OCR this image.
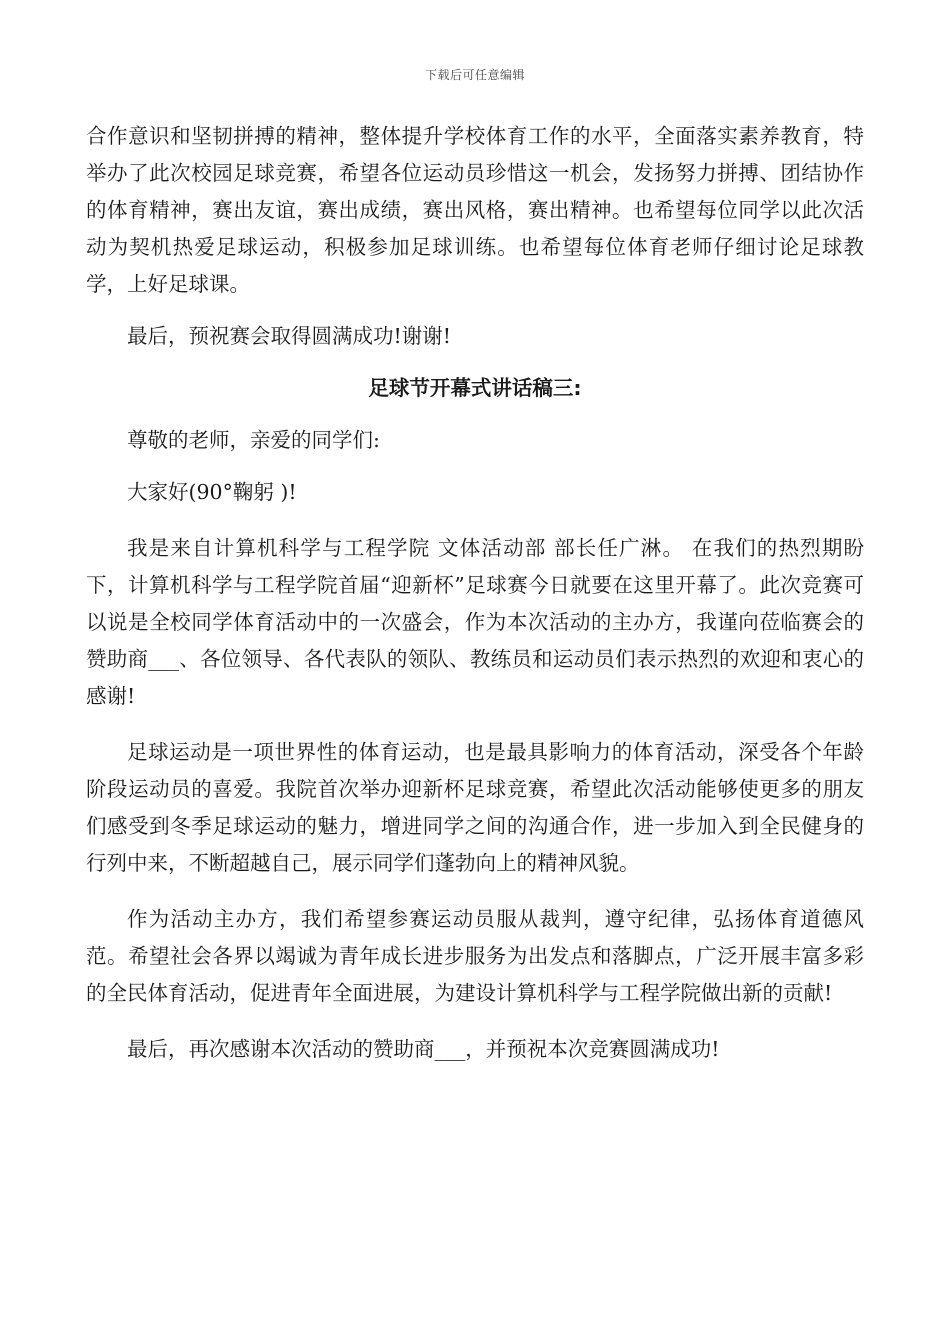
下载后可任意编辑

合作意识和坚韧拼搏的精神，整体提升学校体育工作的水平，全面落实素养教育，特举办了此次校园足球竞赛，希望各位运动员珍惜这一机会，发扬努力拼搏、团结协作的体育精神，赛出友谊，赛出成绩，赛出风格，赛出精神。也希望每位同学以此次活动为契机热爱足球运动，积极参加足球训练。也希望每位体育老师仔细讨论足球教学，上好足球课。

最后，预祝赛会取得圆满成功!谢谢!

足球节开幕式讲话稿三:

尊敬的老师，亲爱的同学们:

大家好(90°鞠躬 )!

我是来自计算机科学与工程学院 文体活动部 部长任广淋。 在我们的热烈期盼下，计算机科学与工程学院首届“迎新杯”足球赛今日就要在这里开幕了。此次竞赛可以说是全校同学体育活动中的一次盛会，作为本次活动的主办方，我谨向莅临赛会的赞助商___、各位领导、各代表队的领队、教练员和运动员们表示热烈的欢迎和衷心的感谢!

足球运动是一项世界性的体育运动，也是最具影响力的体育活动，深受各个年龄阶段运动员的喜爱。我院首次举办迎新杯足球竞赛，希望此次活动能够使更多的朋友们感受到冬季足球运动的魅力，增进同学之间的沟通合作，进一步加入到全民健身的行列中来，不断超越自己，展示同学们蓬勃向上的精神风貌。

作为活动主办方，我们希望参赛运动员服从裁判，遵守纪律，弘扬体育道德风范。希望社会各界以竭诚为青年成长进步服务为出发点和落脚点，广泛开展丰富多彩的全民体育活动，促进青年全面进展，为建设计算机科学与工程学院做出新的贡献!

最后，再次感谢本次活动的赞助商___，并预祝本次竞赛圆满成功!
